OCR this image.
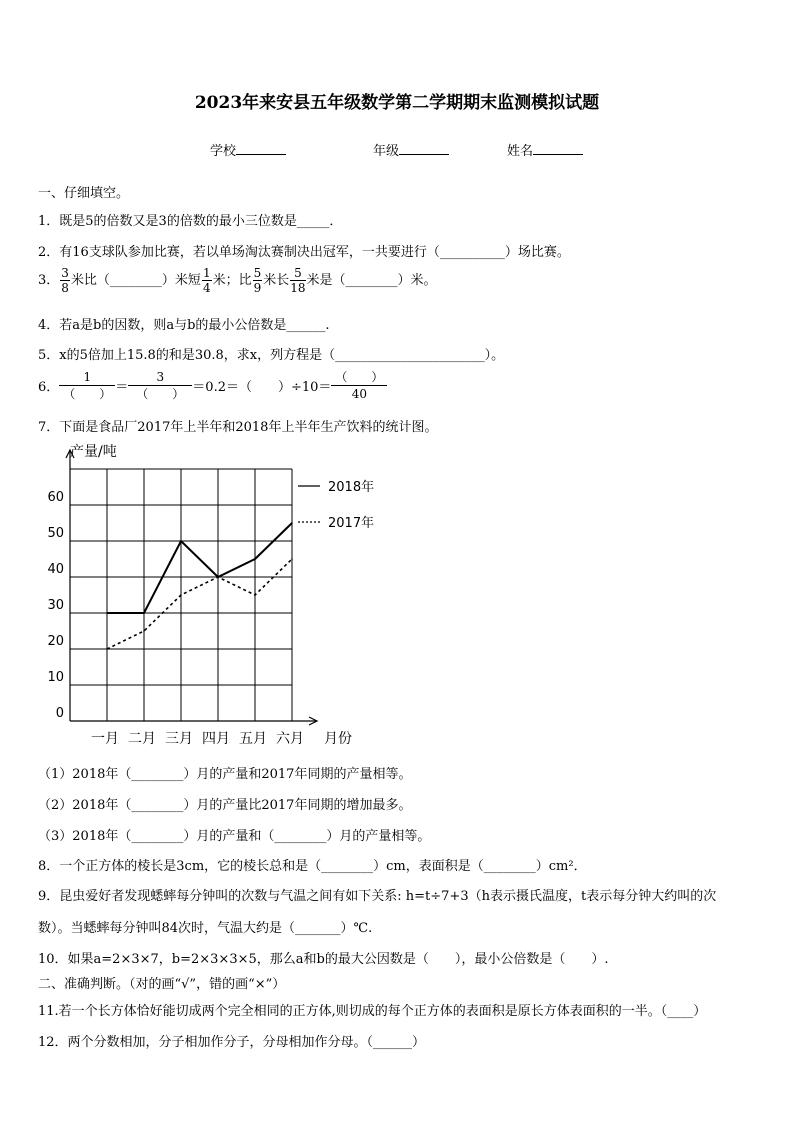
2023年来安县五年级数学第二学期期末监测模拟试题
学校	年级	姓名
一、仔细填空。
1．既是5的倍数又是3的倍数的最小三位数是_____．
2．有16支球队参加比赛，若以单场淘汰赛制决出冠军，一共要进行（__________）场比赛。
3． $\frac{3}{8}$ 米比（________）米短 $\frac{1}{4}$ 米；比 $\frac{5}{9}$ 米长 $\frac{5}{18}$ 米是（________）米。
4．若a是b的因数，则a与b的最小公倍数是______.
5．x的5倍加上15.8的和是30.8，求x，列方程是（_______________________）。
6． $\frac{1}{( )} = \frac{3}{( )} =0.2=$（　　）$\div 10= \frac{( )}{40}$
7．下面是食品厂2017年上半年和2018年上半年生产饮料的统计图。
0
10
20
30
40
50
60
一月 二月 三月 四月 五月 六月
2018年
2017年
产量/吨
月份
（1）2018年（________）月的产量和2017年同期的产量相等。
（2）2018年（________）月的产量比2017年同期的增加最多。
（3）2018年（________）月的产量和（________）月的产量相等。
8．一个正方体的棱长是3cm，它的棱长总和是（________）cm，表面积是（________）cm²．
9．昆虫爱好者发现蟋蟀每分钟叫的次数与气温之间有如下关系: h=t÷7+3（h表示摄氏温度，t表示每分钟大约叫的次
数）。当蟋蟀每分钟叫84次时，气温大约是（_______）℃.
10．如果a=2×3×7，b=2×3×3×5，那么a和b的最大公因数是（　　），最小公倍数是（　　）.
二、准确判断。（对的画“√”，错的画“×”）
11.若一个长方体恰好能切成两个完全相同的正方体,则切成的每个正方体的表面积是原长方体表面积的一半。（____）
12．两个分数相加，分子相加作分子，分母相加作分母。（______）
